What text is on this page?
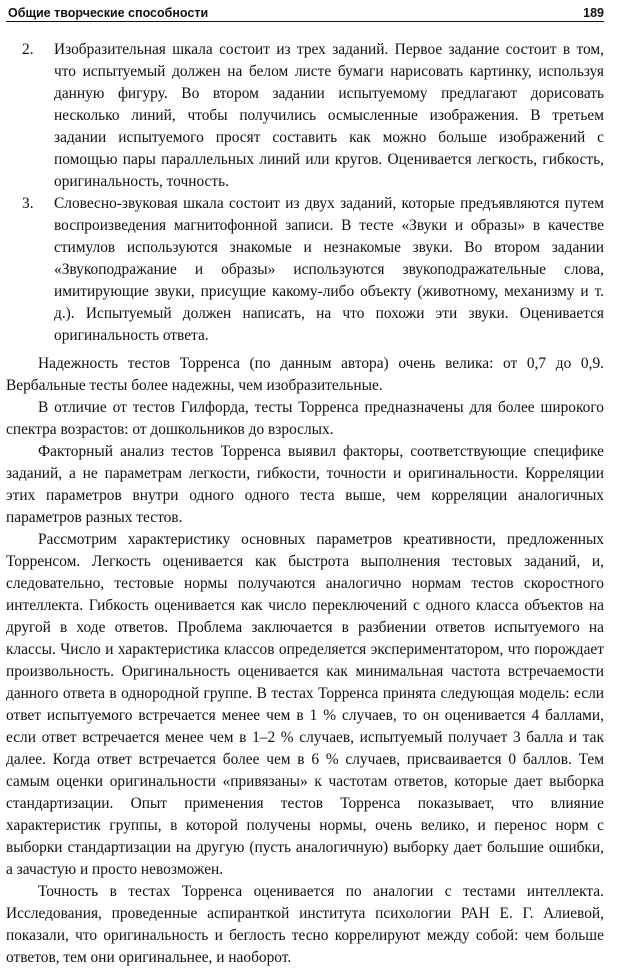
Общие творческие способности	189
2. Изобразительная шкала состоит из трех заданий. Первое задание состоит в том, что испытуемый должен на белом листе бумаги нарисовать картинку, используя данную фигуру. Во втором задании испытуемому предлагают дорисовать несколько линий, чтобы получились осмысленные изображения. В третьем задании испытуемого просят составить как можно больше изображений с помощью пары параллельных линий или кругов. Оценивается легкость, гибкость, оригинальность, точность.
3. Словесно-звуковая шкала состоит из двух заданий, которые предъявляются путем воспроизведения магнитофонной записи. В тесте «Звуки и образы» в качестве стимулов используются знакомые и незнакомые звуки. Во втором задании «Звукоподражание и образы» используются звукоподражательные слова, имитирующие звуки, присущие какому-либо объекту (животному, механизму и т. д.). Испытуемый должен написать, на что похожи эти звуки. Оценивается оригинальность ответа.
Надежность тестов Торренса (по данным автора) очень велика: от 0,7 до 0,9. Вербальные тесты более надежны, чем изобразительные.
В отличие от тестов Гилфорда, тесты Торренса предназначены для более широкого спектра возрастов: от дошкольников до взрослых.
Факторный анализ тестов Торренса выявил факторы, соответствующие специфике заданий, а не параметрам легкости, гибкости, точности и оригинальности. Корреляции этих параметров внутри одного одного теста выше, чем корреляции аналогичных параметров разных тестов.
Рассмотрим характеристику основных параметров креативности, предложенных Торренсом. Легкость оценивается как быстрота выполнения тестовых заданий, и, следовательно, тестовые нормы получаются аналогично нормам тестов скоростного интеллекта. Гибкость оценивается как число переключений с одного класса объектов на другой в ходе ответов. Проблема заключается в разбиении ответов испытуемого на классы. Число и характеристика классов определяется экспериментатором, что порождает произвольность. Оригинальность оценивается как минимальная частота встречаемости данного ответа в однородной группе. В тестах Торренса принята следующая модель: если ответ испытуемого встречается менее чем в 1 % случаев, то он оценивается 4 баллами, если ответ встречается менее чем в 1–2 % случаев, испытуемый получает 3 балла и так далее. Когда ответ встречается более чем в 6 % случаев, присваивается 0 баллов. Тем самым оценки оригинальности «привязаны» к частотам ответов, которые дает выборка стандартизации. Опыт применения тестов Торренса показывает, что влияние характеристик группы, в которой получены нормы, очень велико, и перенос норм с выборки стандартизации на другую (пусть аналогичную) выборку дает большие ошибки, а зачастую и просто невозможен.
Точность в тестах Торренса оценивается по аналогии с тестами интеллекта. Исследования, проведенные аспиранткой института психологии РАН Е. Г. Алиевой, показали, что оригинальность и беглость тесно коррелируют между собой: чем больше ответов, тем они оригинальнее, и наоборот.
